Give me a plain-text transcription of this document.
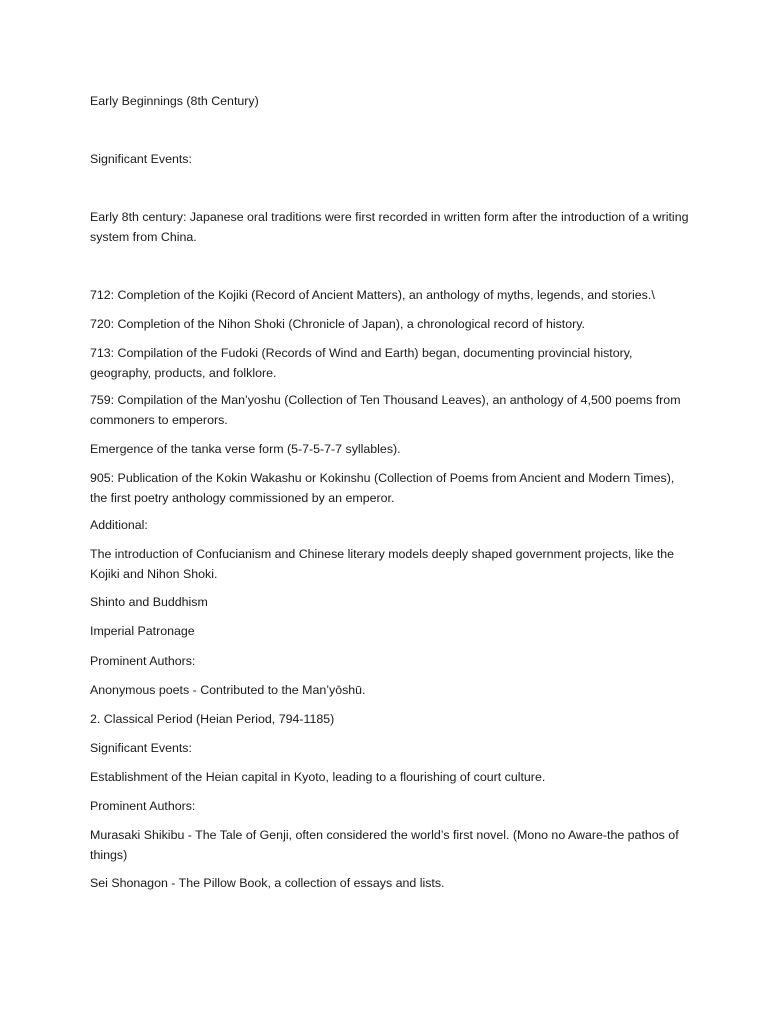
Early Beginnings (8th Century)

Significant Events:

Early 8th century: Japanese oral traditions were first recorded in written form after the introduction of a writing system from China.

712: Completion of the Kojiki (Record of Ancient Matters), an anthology of myths, legends, and stories.\

720: Completion of the Nihon Shoki (Chronicle of Japan), a chronological record of history.

713: Compilation of the Fudoki (Records of Wind and Earth) began, documenting provincial history, geography, products, and folklore.

759: Compilation of the Man’yoshu (Collection of Ten Thousand Leaves), an anthology of 4,500 poems from commoners to emperors.

Emergence of the tanka verse form (5-7-5-7-7 syllables).

905: Publication of the Kokin Wakashu or Kokinshu (Collection of Poems from Ancient and Modern Times), the first poetry anthology commissioned by an emperor.

Additional:

The introduction of Confucianism and Chinese literary models deeply shaped government projects, like the Kojiki and Nihon Shoki.

Shinto and Buddhism

Imperial Patronage

Prominent Authors:

Anonymous poets - Contributed to the Man’yōshū.

2. Classical Period (Heian Period, 794-1185)

Significant Events:

Establishment of the Heian capital in Kyoto, leading to a flourishing of court culture.

Prominent Authors:

Murasaki Shikibu - The Tale of Genji, often considered the world’s first novel. (Mono no Aware-the pathos of things)

Sei Shonagon - The Pillow Book, a collection of essays and lists.
